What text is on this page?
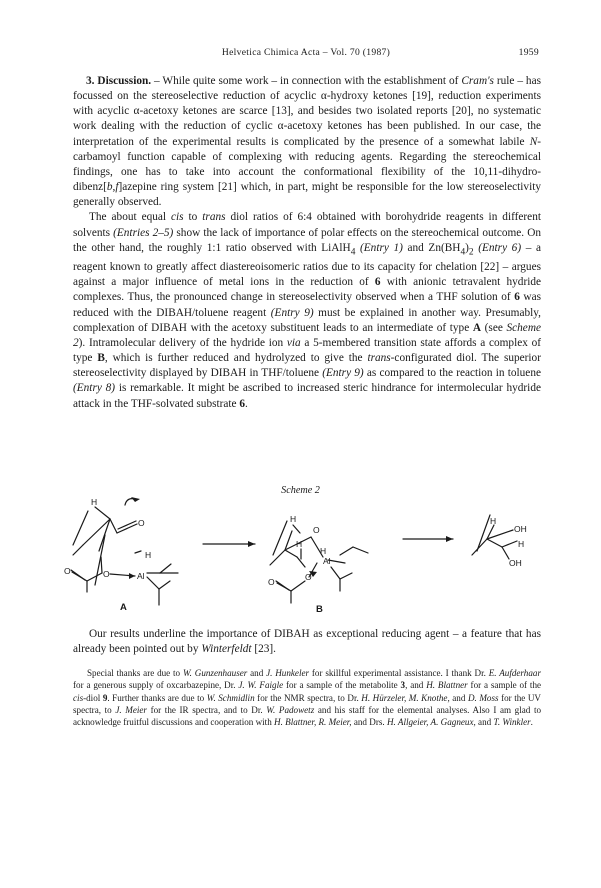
Helvetica Chimica Acta – Vol. 70 (1987)	1959

3. Discussion. – While quite some work – in connection with the establishment of Cram's rule – has focussed on the stereoselective reduction of acyclic α-hydroxy ketones [19], reduction experiments with acyclic α-acetoxy ketones are scarce [13], and besides two isolated reports [20], no systematic work dealing with the reduction of cyclic α-acetoxy ketones has been published. In our case, the interpretation of the experimental results is complicated by the presence of a somewhat labile N-carbamoyl function capable of complexing with reducing agents. Regarding the stereochemical findings, one has to take into account the conformational flexibility of the 10,11-dihydro-dibenz[b,f]azepine ring system [21] which, in part, might be responsible for the low stereoselectivity generally observed.

The about equal cis to trans diol ratios of 6:4 obtained with borohydride reagents in different solvents (Entries 2–5) show the lack of importance of polar effects on the stereochemical outcome. On the other hand, the roughly 1:1 ratio observed with LiAlH$_4$ (Entry 1) and $Zn(BH_4)_2$ (Entry 6) – a reagent known to greatly affect diastereoisomeric ratios due to its capacity for chelation [22] – argues against a major influence of metal ions in the reduction of 6 with anionic tetravalent hydride complexes. Thus, the pronounced change in stereoselectivity observed when a THF solution of 6 was reduced with the DIBAH/toluene reagent (Entry 9) must be explained in another way. Presumably, complexation of DIBAH with the acetoxy substituent leads to an intermediate of type A (see Scheme 2). Intramolecular delivery of the hydride ion via a 5-membered transition state affords a complex of type B, which is further reduced and hydrolyzed to give the trans-configurated diol. The superior stereoselectivity displayed by DIBAH in THF/toluene (Entry 9) as compared to the reaction in toluene (Entry 8) is remarkable. It might be ascribed to increased steric hindrance for intermolecular hydride attack in the THF-solvated substrate 6.

Scheme 2
H
O
H
O	Al
O
H
O
H
H
Al
O
O
H
OH
H
OH
A	B

Our results underline the importance of DIBAH as exceptional reducing agent – a feature that has already been pointed out by Winterfeldt [23].

Special thanks are due to W. Gunzenhauser and J. Hunkeler for skillful experimental assistance. I thank Dr. E. Aufderhaar for a generous supply of oxcarbazepine, Dr. J. W. Faigle for a sample of the metabolite 3, and H. Blattner for a sample of the cis-diol 9. Further thanks are due to W. Schmidlin for the NMR spectra, to Dr. H. Hürzeler, M. Knothe, and D. Moss for the UV spectra, to J. Meier for the IR spectra, and to Dr. W. Padowetz and his staff for the elemental analyses. Also I am glad to acknowledge fruitful discussions and cooperation with H. Blattner, R. Meier, and Drs. H. Allgeier, A. Gagneux, and T. Winkler.
